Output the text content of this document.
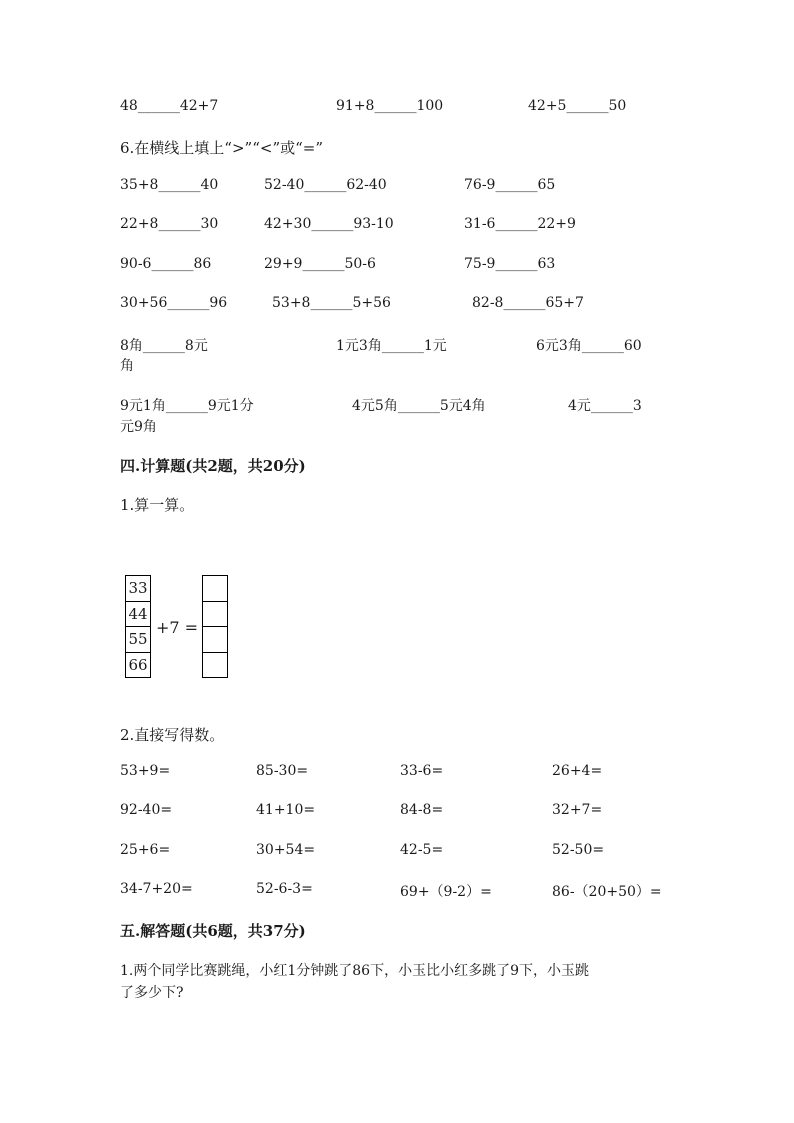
48______42+7	91+8______100	42+5______50
6.在横线上填上“>”“<”或“=”
35+8______40	52-40______62-40	76-9______65
22+8______30	42+30______93-10	31-6______22+9
90-6______86	29+9______50-6	75-9______63
30+56______96	53+8______5+56	82-8______65+7
8角______8元	1元3角______1元	6元3角______60
角
9元1角______9元1分	4元5角______5元4角	4元______3
元9角
四.计算题(共2题，共20分)
1.算一算。
33
44
55
66
+7 =
2.直接写得数。
53+9=	85-30=	33-6=	26+4=
92-40=	41+10=	84-8=	32+7=
25+6=	30+54=	42-5=	52-50=
34-7+20=	52-6-3=	69+（9-2）=	86-（20+50）=
五.解答题(共6题，共37分)
1.两个同学比赛跳绳，小红1分钟跳了86下，小玉比小红多跳了9下，小玉跳
了多少下?
